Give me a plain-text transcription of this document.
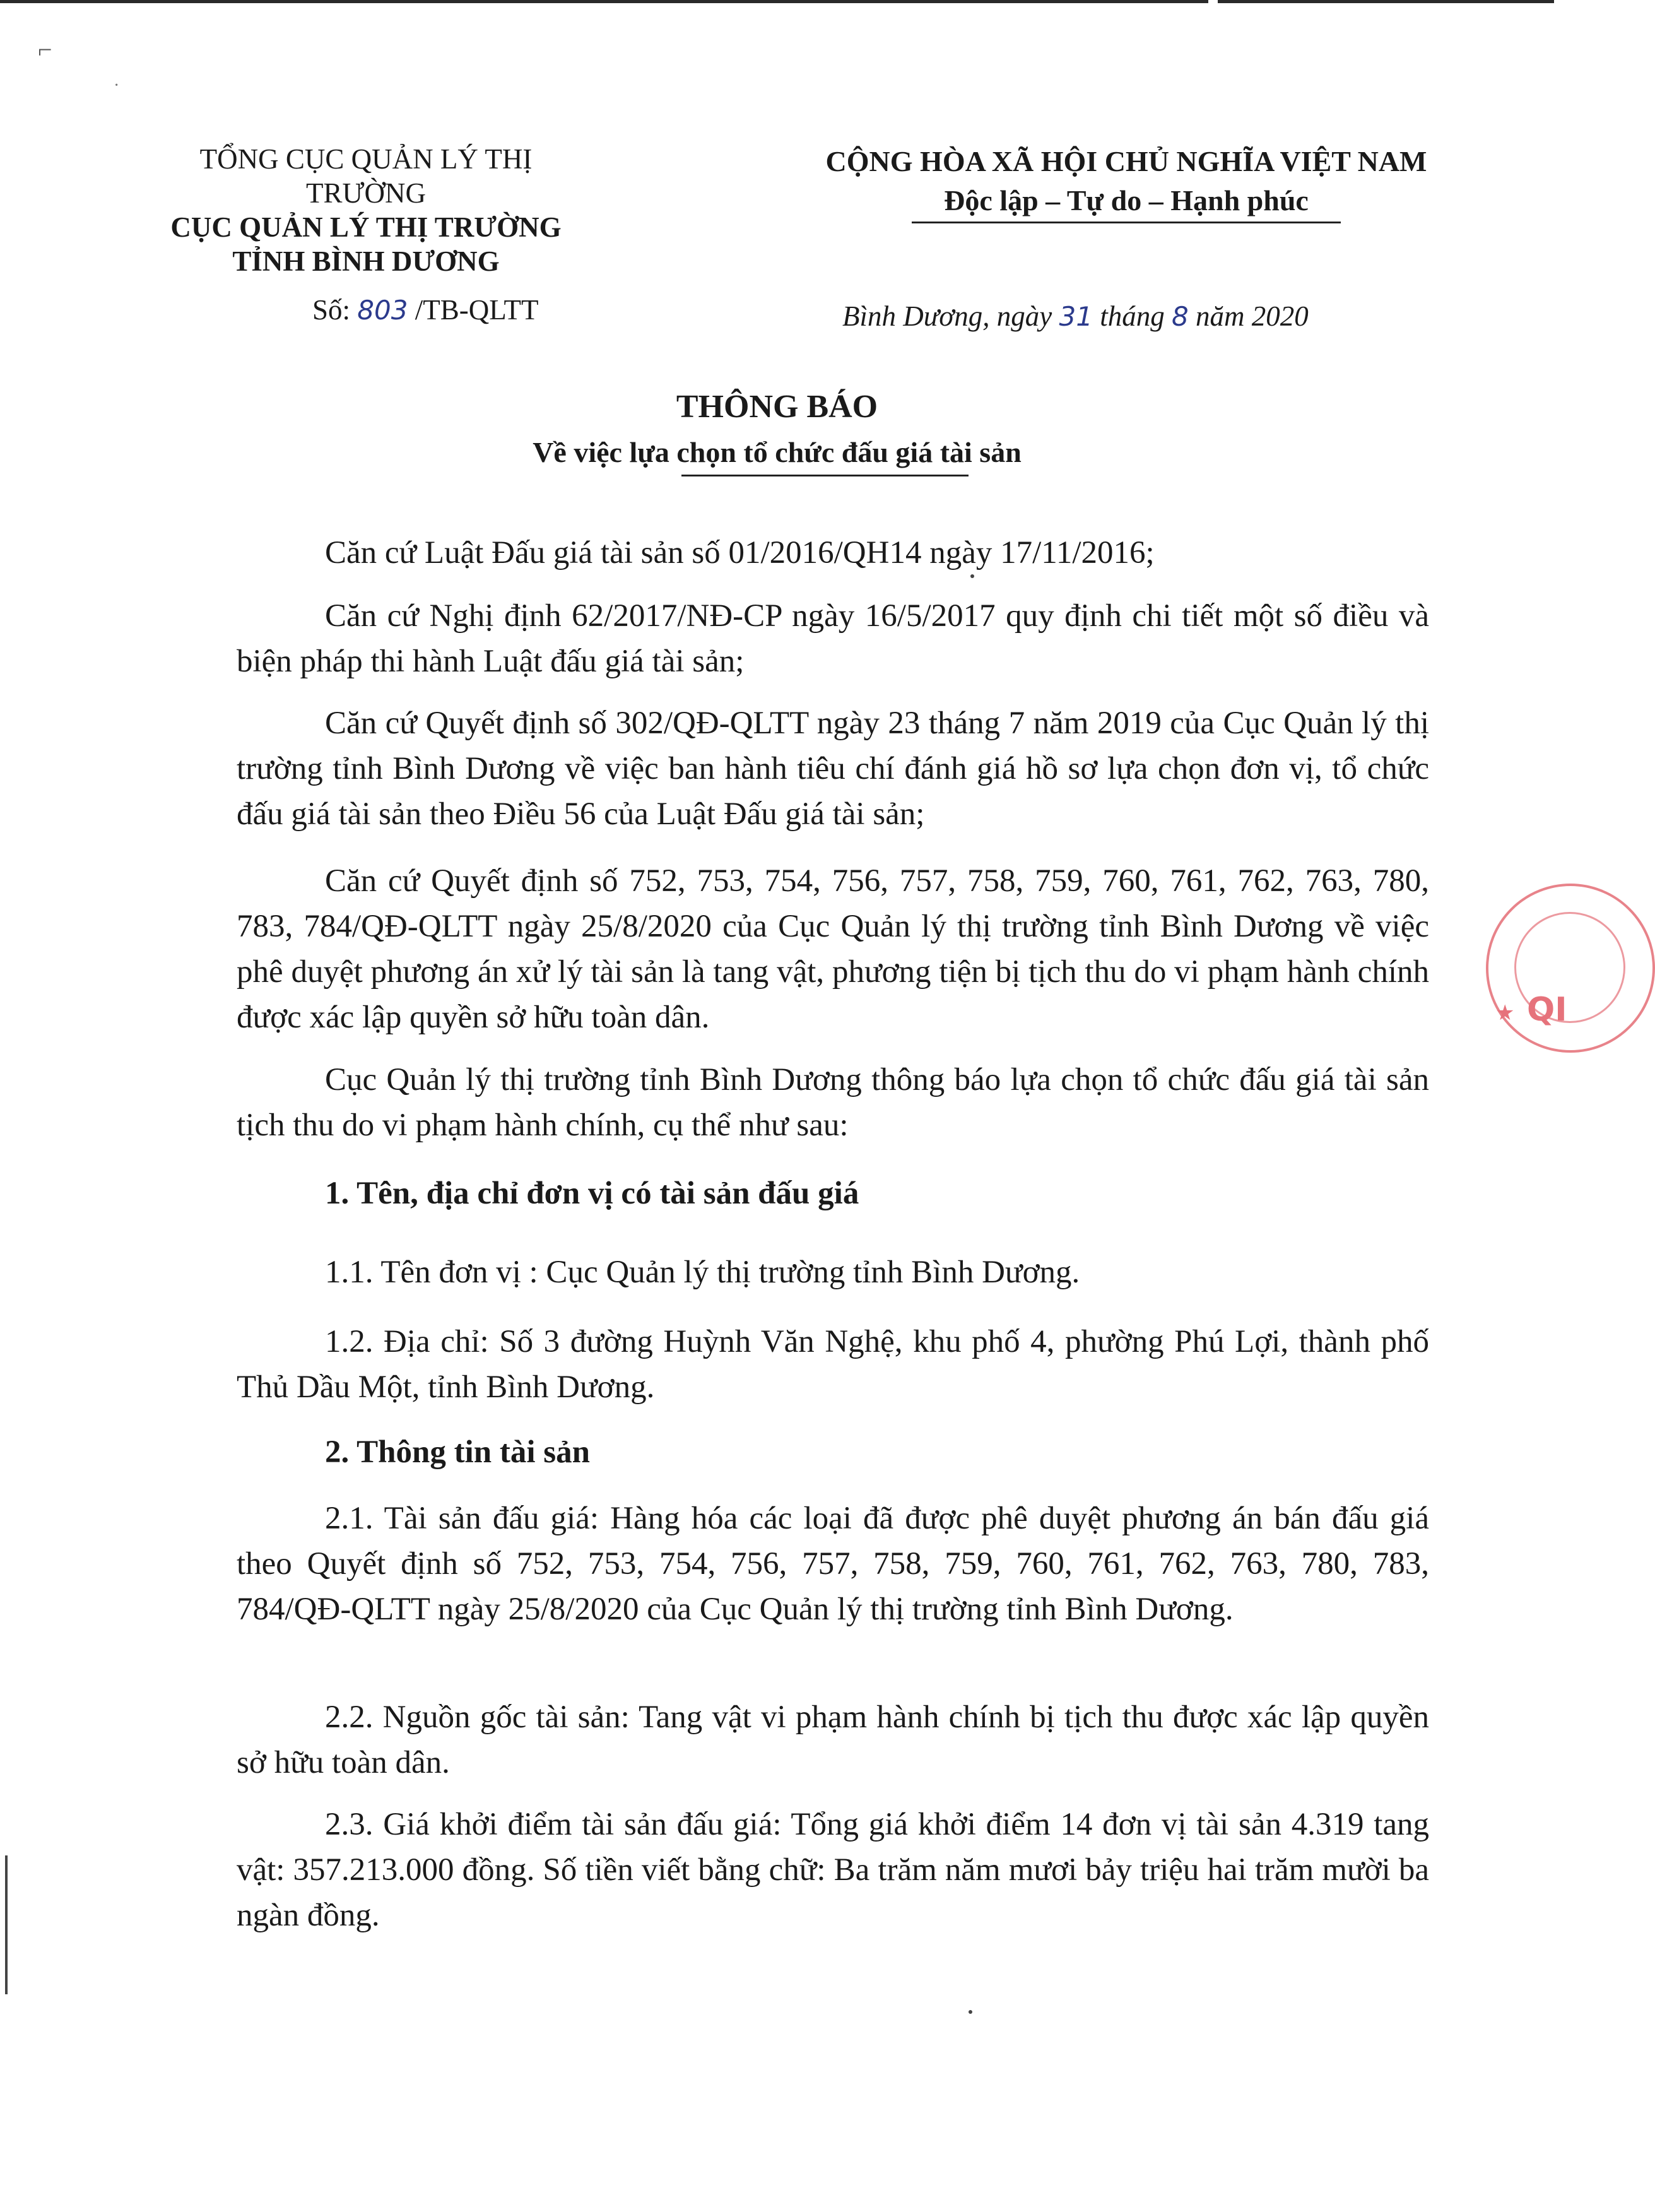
⌐
·
TỔNG CỤC QUẢN LÝ THỊ TRƯỜNG
CỤC QUẢN LÝ THỊ TRƯỜNG
TỈNH BÌNH DƯƠNG
CỘNG HÒA XÃ HỘI CHỦ NGHĨA VIỆT NAM
Độc lập – Tự do – Hạnh phúc
Số: 803 /TB-QLTT	Bình Dương, ngày 31 tháng 8 năm 2020
THÔNG BÁO
Về việc lựa chọn tổ chức đấu giá tài sản
Căn cứ Luật Đấu giá tài sản số 01/2016/QH14 ngày 17/11/2016;
Căn cứ Nghị định 62/2017/NĐ-CP ngày 16/5/2017 quy định chi tiết một số điều và biện pháp thi hành Luật đấu giá tài sản;
Căn cứ Quyết định số 302/QĐ-QLTT ngày 23 tháng 7 năm 2019 của Cục Quản lý thị trường tỉnh Bình Dương về việc ban hành tiêu chí đánh giá hồ sơ lựa chọn đơn vị, tổ chức đấu giá tài sản theo Điều 56 của Luật Đấu giá tài sản;
Căn cứ Quyết định số 752, 753, 754, 756, 757, 758, 759, 760, 761, 762, 763, 780, 783, 784/QĐ-QLTT ngày 25/8/2020 của Cục Quản lý thị trường tỉnh Bình Dương về việc phê duyệt phương án xử lý tài sản là tang vật, phương tiện bị tịch thu do vi phạm hành chính được xác lập quyền sở hữu toàn dân.
Cục Quản lý thị trường tỉnh Bình Dương thông báo lựa chọn tổ chức đấu giá tài sản tịch thu do vi phạm hành chính, cụ thể như sau:
1. Tên, địa chỉ đơn vị có tài sản đấu giá
1.1. Tên đơn vị : Cục Quản lý thị trường tỉnh Bình Dương.
1.2. Địa chỉ: Số 3 đường Huỳnh Văn Nghệ, khu phố 4, phường Phú Lợi, thành phố Thủ Dầu Một, tỉnh Bình Dương.
2. Thông tin tài sản
2.1. Tài sản đấu giá: Hàng hóa các loại đã được phê duyệt phương án bán đấu giá theo Quyết định số 752, 753, 754, 756, 757, 758, 759, 760, 761, 762, 763, 780, 783, 784/QĐ-QLTT ngày 25/8/2020 của Cục Quản lý thị trường tỉnh Bình Dương.
2.2. Nguồn gốc tài sản: Tang vật vi phạm hành chính bị tịch thu được xác lập quyền sở hữu toàn dân.
2.3. Giá khởi điểm tài sản đấu giá: Tổng giá khởi điểm 14 đơn vị tài sản 4.319 tang vật: 357.213.000 đồng. Số tiền viết bằng chữ: Ba trăm năm mươi bảy triệu hai trăm mười ba ngàn đồng.
★ QI
